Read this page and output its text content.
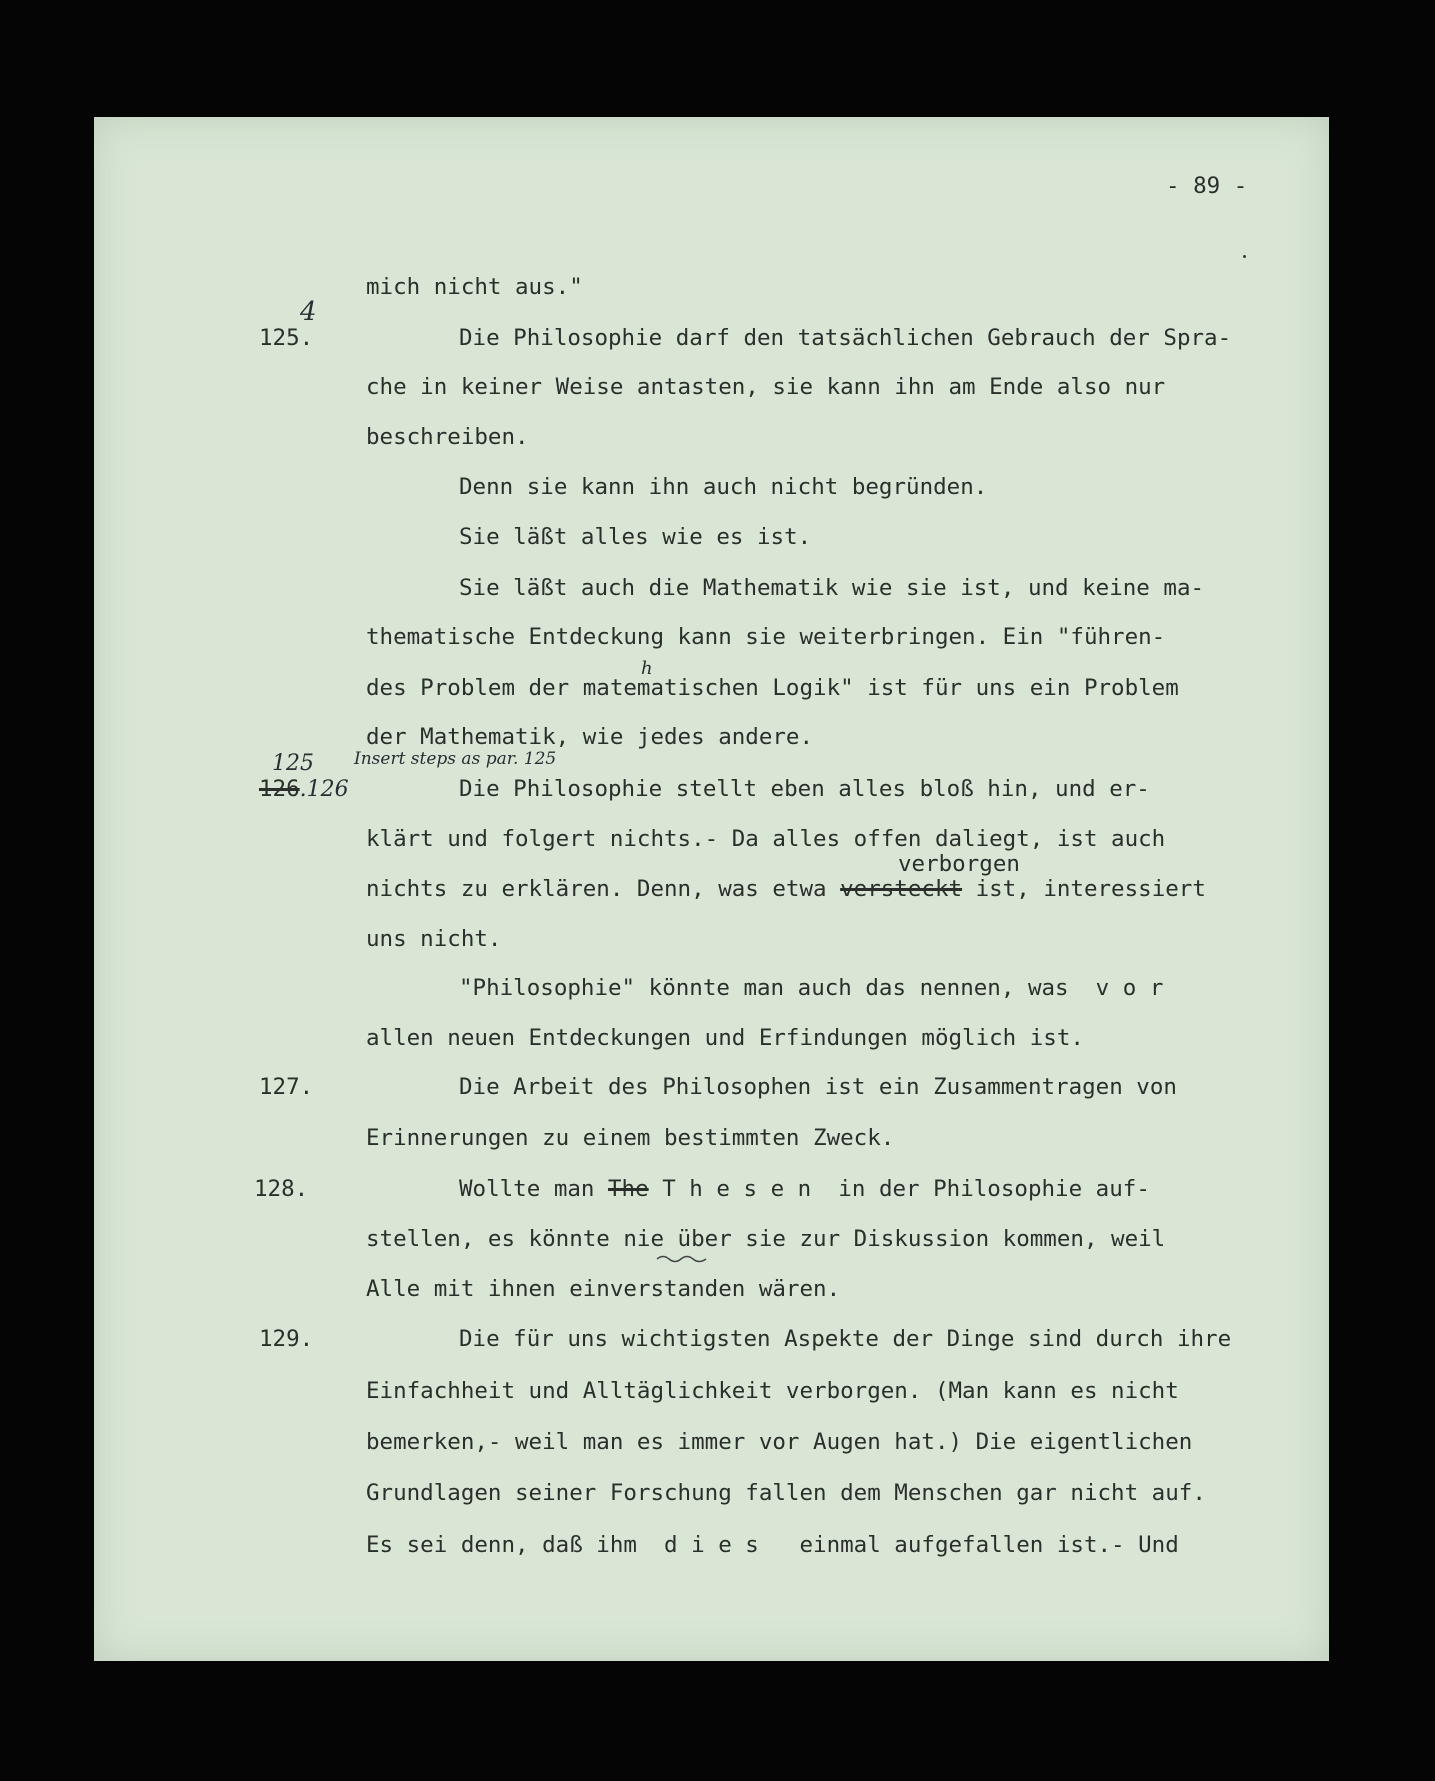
- 89 -
125.
4
126.126
125 Insert steps as par. 125
127.
128.
129.
mich nicht aus."
Die Philosophie darf den tatsächlichen Gebrauch der Spra-
che in keiner Weise antasten, sie kann ihn am Ende also nur
beschreiben.
Denn sie kann ihn auch nicht begründen.
Sie läßt alles wie es ist.
Sie läßt auch die Mathematik wie sie ist, und keine ma-
thematische Entdeckung kann sie weiterbringen. Ein "führen-
des Problem der matematischen Logik" ist für uns ein Problem
h
der Mathematik, wie jedes andere.
Die Philosophie stellt eben alles bloß hin, und er-
klärt und folgert nichts.- Da alles offen daliegt, ist auch
verborgen
nichts zu erklären. Denn, was etwa versteckt ist, interessiert
uns nicht.
"Philosophie" könnte man auch das nennen, was  v o r
allen neuen Entdeckungen und Erfindungen möglich ist.
Die Arbeit des Philosophen ist ein Zusammentragen von
Erinnerungen zu einem bestimmten Zweck.
Wollte man The T h e s e n  in der Philosophie auf-
stellen, es könnte nie über sie zur Diskussion kommen, weil
Alle mit ihnen einverstanden wären.
Die für uns wichtigsten Aspekte der Dinge sind durch ihre
Einfachheit und Alltäglichkeit verborgen. (Man kann es nicht
bemerken,- weil man es immer vor Augen hat.) Die eigentlichen
Grundlagen seiner Forschung fallen dem Menschen gar nicht auf.
Es sei denn, daß ihm  d i e s   einmal aufgefallen ist.- Und
